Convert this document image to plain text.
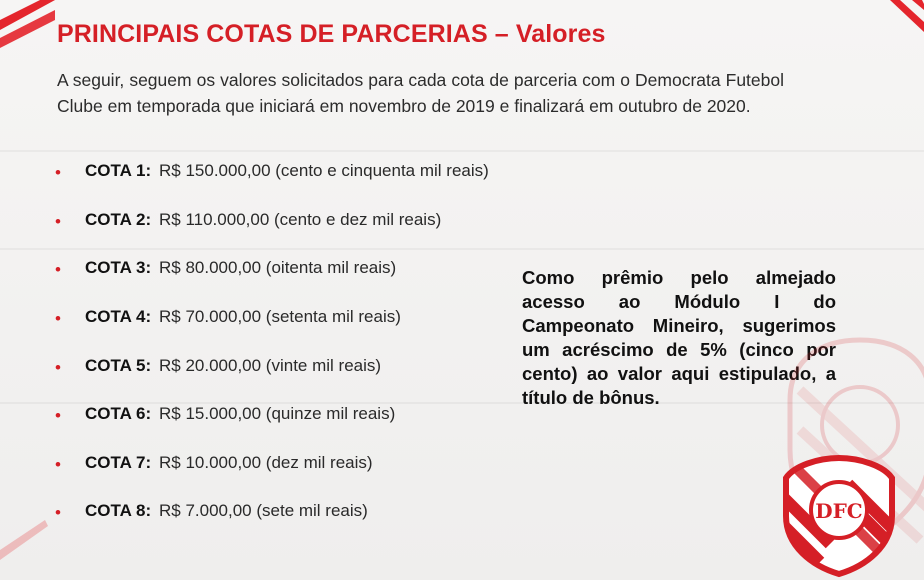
PRINCIPAIS COTAS DE PARCERIAS – Valores

A seguir, seguem os valores solicitados para cada cota de parceria com o Democrata Futebol Clube em temporada que iniciará em novembro de 2019 e finalizará em outubro de 2020.

• COTA 1: R$ 150.000,00 (cento e cinquenta mil reais)
• COTA 2: R$ 110.000,00 (cento e dez mil reais)
• COTA 3: R$ 80.000,00 (oitenta mil reais)
• COTA 4: R$ 70.000,00 (setenta mil reais)
• COTA 5: R$ 20.000,00 (vinte mil reais)
• COTA 6: R$ 15.000,00 (quinze mil reais)
• COTA 7: R$ 10.000,00 (dez mil reais)
• COTA 8: R$ 7.000,00 (sete mil reais)

Como prêmio pelo almejado acesso ao Módulo I do Campeonato Mineiro, sugerimos um acréscimo de 5% (cinco por cento) ao valor aqui estipulado, a título de bônus.

DFC
